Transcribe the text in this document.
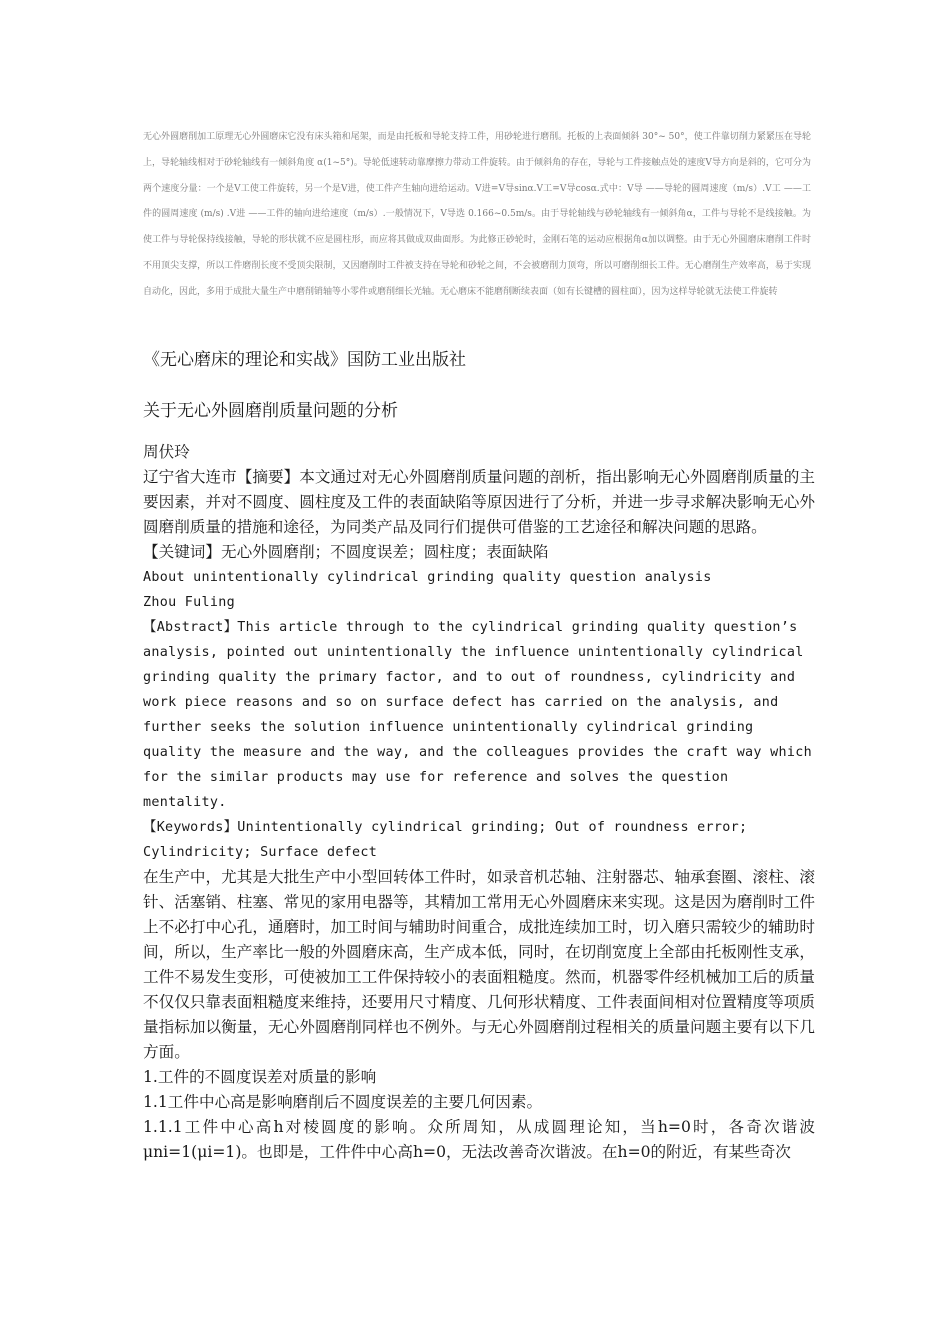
无心外圆磨削加工原理无心外圆磨床它没有床头箱和尾架，而是由托板和导轮支持工件，用砂轮进行磨削。托板的上表面倾斜 30°~ 50°，使工件靠切削力紧紧压在导轮上，导轮轴线相对于砂轮轴线有一倾斜角度 α(1~5°)。导轮低速转动靠摩擦力带动工件旋转。由于倾斜角的存在，导轮与工件接触点处的速度Ⅴ导方向是斜的，它可分为两个速度分量：一个是Ⅴ工使工件旋转，另一个是Ⅴ进，使工件产生轴向进给运动。Ⅴ进=Ⅴ导sinα.Ⅴ工=Ⅴ导cosα.式中：Ⅴ导 ——导轮的圆周速度（m/s）.Ⅴ工 ——工件的圆周速度 (m/s) .Ⅴ进 ——工件的轴向进给速度（m/s）.一般情况下，Ⅴ导选 0.166~0.5m/s。由于导轮轴线与砂轮轴线有一倾斜角α，工件与导轮不是线接触。为使工件与导轮保持线接触，导轮的形状就不应是圆柱形，而应将其做成双曲面形。为此修正砂轮时，金刚石笔的运动应根据角α加以调整。由于无心外圆磨床磨削工件时不用顶尖支撑，所以工件磨削长度不受顶尖限制，又因磨削时工件被支持在导轮和砂轮之间，不会被磨削力顶弯，所以可磨削细长工件。无心磨削生产效率高，易于实现自动化，因此，多用于成批大量生产中磨削销轴等小零件或磨削细长光轴。无心磨床不能磨削断续表面（如有长键槽的圆柱面），因为这样导轮就无法使工件旋转

《无心磨床的理论和实战》国防工业出版社

关于无心外圆磨削质量问题的分析

周伏玲

辽宁省大连市【摘要】本文通过对无心外圆磨削质量问题的剖析，指出影响无心外圆磨削质量的主要因素，并对不圆度、圆柱度及工件的表面缺陷等原因进行了分析，并进一步寻求解决影响无心外圆磨削质量的措施和途径，为同类产品及同行们提供可借鉴的工艺途径和解决问题的思路。

【关键词】无心外圆磨削；不圆度误差；圆柱度；表面缺陷

About unintentionally cylindrical grinding quality question analysis

Zhou Fuling

【Abstract】This article through to the cylindrical grinding quality question’s analysis, pointed out unintentionally the influence unintentionally cylindrical grinding quality the primary factor, and to out of roundness, cylindricity and work piece reasons and so on surface defect has carried on the analysis, and further seeks the solution influence unintentionally cylindrical grinding quality the measure and the way, and the colleagues provides the craft way which for the similar products may use for reference and solves the question mentality.

【Keywords】Unintentionally cylindrical grinding; Out of roundness error; Cylindricity; Surface defect

在生产中，尤其是大批生产中小型回转体工件时，如录音机芯轴、注射器芯、轴承套圈、滚柱、滚针、活塞销、柱塞、常见的家用电器等，其精加工常用无心外圆磨床来实现。这是因为磨削时工件上不必打中心孔，通磨时，加工时间与辅助时间重合，成批连续加工时，切入磨只需较少的辅助时间，所以，生产率比一般的外圆磨床高，生产成本低，同时，在切削宽度上全部由托板刚性支承，工件不易发生变形，可使被加工工件保持较小的表面粗糙度。然而，机器零件经机械加工后的质量不仅仅只靠表面粗糙度来维持，还要用尺寸精度、几何形状精度、工件表面间相对位置精度等项质量指标加以衡量，无心外圆磨削同样也不例外。与无心外圆磨削过程相关的质量问题主要有以下几方面。

1.工件的不圆度误差对质量的影响

1.1工件中心高是影响磨削后不圆度误差的主要几何因素。

1.1.1工件中心高h对棱圆度的影响。众所周知，从成圆理论知，当h=0时，各奇次谐波μni=1(μi=1)。也即是，工件件中心高h=0，无法改善奇次谐波。在h=0的附近，有某些奇次
